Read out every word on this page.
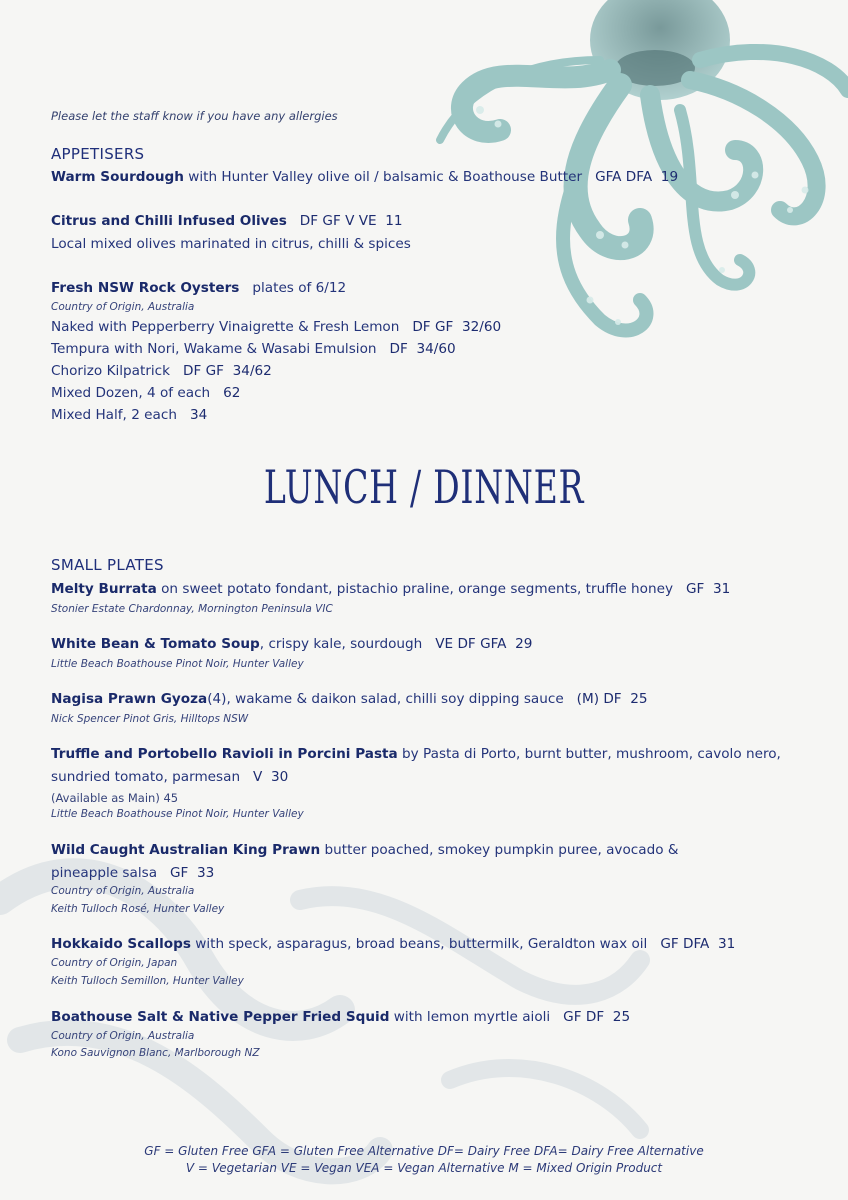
Please let the staff know if you have any allergies
APPETISERS
Warm Sourdough with Hunter Valley olive oil / balsamic & Boathouse Butter GFA DFA 19
Citrus and Chilli Infused Olives DF GF V VE 11
Local mixed olives marinated in citrus, chilli & spices
Fresh NSW Rock Oysters plates of 6/12
Country of Origin, Australia
Naked with Pepperberry Vinaigrette & Fresh Lemon DF GF 32/60
Tempura with Nori, Wakame & Wasabi Emulsion DF 34/60
Chorizo Kilpatrick DF GF 34/62
Mixed Dozen, 4 of each 62
Mixed Half, 2 each 34
LUNCH / DINNER
SMALL PLATES
Melty Burrata on sweet potato fondant, pistachio praline, orange segments, truffle honey GF 31
Stonier Estate Chardonnay, Mornington Peninsula VIC
White Bean & Tomato Soup, crispy kale, sourdough VE DF GFA 29
Little Beach Boathouse Pinot Noir, Hunter Valley
Nagisa Prawn Gyoza(4), wakame & daikon salad, chilli soy dipping sauce (M) DF 25
Nick Spencer Pinot Gris, Hilltops NSW
Truffle and Portobello Ravioli in Porcini Pasta by Pasta di Porto, burnt butter, mushroom, cavolo nero,
sundried tomato, parmesan V 30
(Available as Main) 45
Little Beach Boathouse Pinot Noir, Hunter Valley
Wild Caught Australian King Prawn butter poached, smokey pumpkin puree, avocado &
pineapple salsa GF 33
Country of Origin, Australia
Keith Tulloch Rosé, Hunter Valley
Hokkaido Scallops with speck, asparagus, broad beans, buttermilk, Geraldton wax oil GF DFA 31
Country of Origin, Japan
Keith Tulloch Semillon, Hunter Valley
Boathouse Salt & Native Pepper Fried Squid with lemon myrtle aioli GF DF 25
Country of Origin, Australia
Kono Sauvignon Blanc, Marlborough NZ
GF = Gluten Free GFA = Gluten Free Alternative DF= Dairy Free DFA= Dairy Free Alternative
V = Vegetarian VE = Vegan VEA = Vegan Alternative M = Mixed Origin Product
